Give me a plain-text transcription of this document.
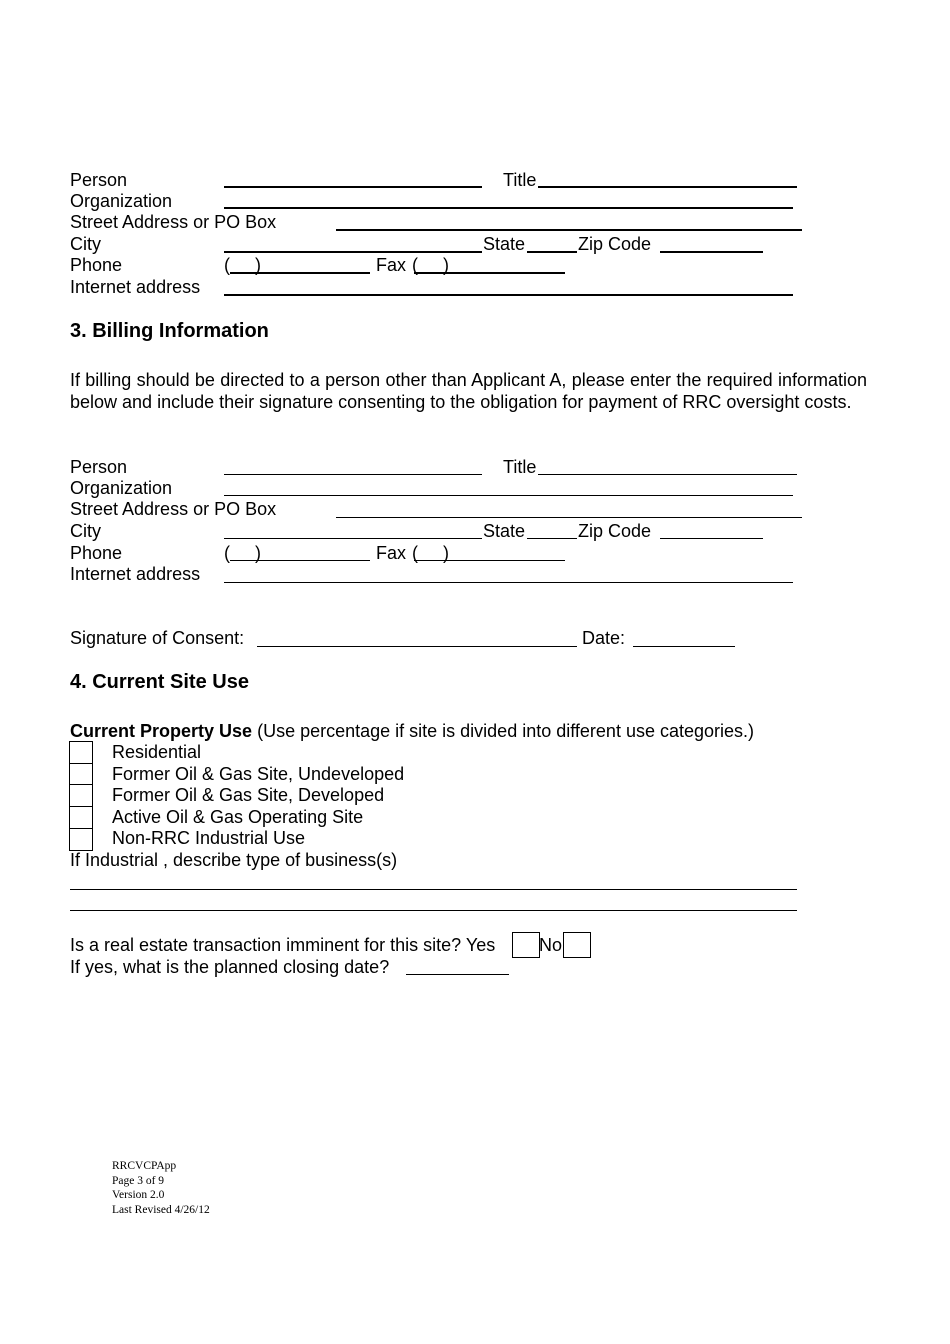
Person	Title
Organization
Street Address or PO Box
City	State	Zip Code
Phone	(     )	Fax (     )
Internet address
3. Billing Information
If billing should be directed to a person other than Applicant A, please enter the required information below and include their signature consenting to the obligation for payment of RRC oversight costs.
Person	Title
Organization
Street Address or PO Box
City	State	Zip Code
Phone	(     )	Fax (     )
Internet address
Signature of Consent:	Date:
4. Current Site Use
Current Property Use (Use percentage if site is divided into different use categories.)
Residential
Former Oil & Gas Site, Undeveloped
Former Oil & Gas Site, Developed
Active Oil & Gas Operating Site
Non-RRC Industrial Use
If Industrial , describe type of business(s)
Is a real estate transaction imminent for this site? Yes No
If yes, what is the planned closing date?
RRCVCPApp
Page 3 of 9
Version 2.0
Last Revised 4/26/12
